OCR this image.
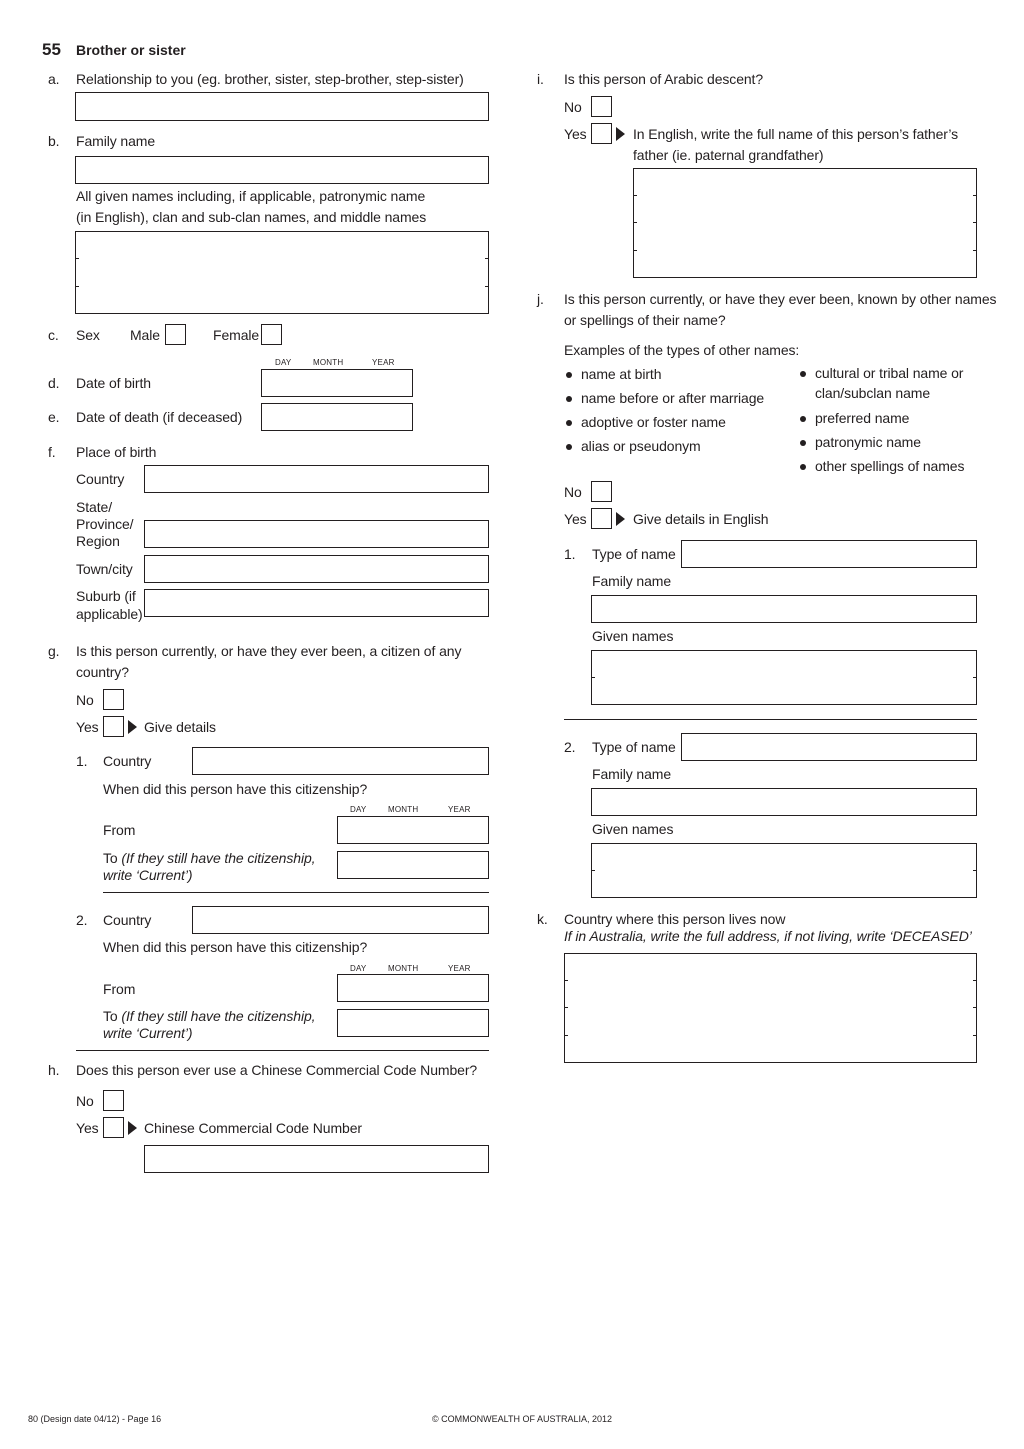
55 Brother or sister
a. Relationship to you (eg. brother, sister, step-brother, step-sister)
b. Family name
All given names including, if applicable, patronymic name
(in English), clan and sub-clan names, and middle names
c. Sex Male	Female
DAY	MONTH	YEAR
d. Date of birth
e. Date of death (if deceased)
f. Place of birth
Country
State/
Province/
Region
Town/city
Suburb (if
applicable)
g. Is this person currently, or have they ever been, a citizen of any
country?
No
Yes	Give details
1. Country
When did this person have this citizenship?
DAY	MONTH	YEAR
From
To (If they still have the citizenship,
write ‘Current’)
2. Country
When did this person have this citizenship?
DAY	MONTH	YEAR
From
To (If they still have the citizenship,
write ‘Current’)
h. Does this person ever use a Chinese Commercial Code Number?
No
Yes	Chinese Commercial Code Number
i. Is this person of Arabic descent?
No
Yes	In English, write the full name of this person’s father’s
father (ie. paternal grandfather)
j. Is this person currently, or have they ever been, known by other names
or spellings of their name?
Examples of the types of other names:
name at birth
name before or after marriage
adoptive or foster name
alias or pseudonym
cultural or tribal name or
clan/subclan name
preferred name
patronymic name
other spellings of names
No
Yes	Give details in English
1. Type of name
Family name
Given names
2. Type of name
Family name
Given names
k. Country where this person lives now
If in Australia, write the full address, if not living, write ‘DECEASED’
80 (Design date 04/12) - Page 16	© COMMONWEALTH OF AUSTRALIA, 2012
